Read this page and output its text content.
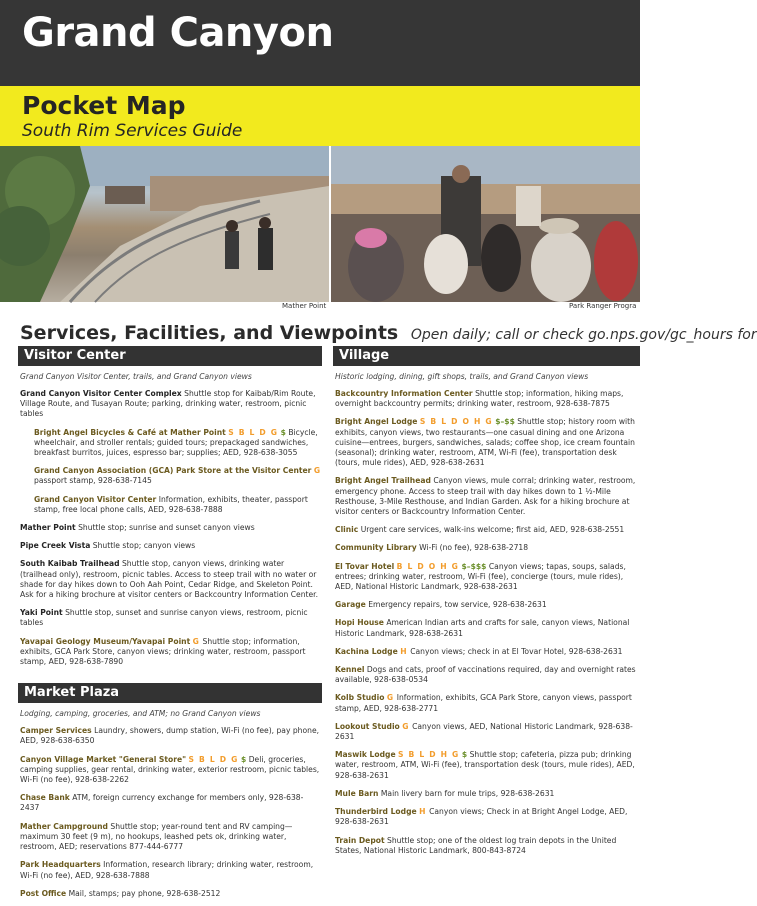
Grand Canyon
Pocket Map
South Rim Services Guide
Mather Point	Park Ranger Progra
Services, Facilities, and Viewpoints Open daily; call or check go.nps.gov/gc_hours for
Visitor Center
Grand Canyon Visitor Center, trails, and Grand Canyon views
Grand Canyon Visitor Center Complex Shuttle stop for Kaibab/Rim Route, Village Route, and Tusayan Route; parking, drinking water, restroom, picnic tables
Bright Angel Bicycles & Café at Mather Point S B L D G $ Bicycle, wheelchair, and stroller rentals; guided tours; prepackaged sandwiches, breakfast burritos, juices, espresso bar; supplies; AED, 928-638-3055
Grand Canyon Association (GCA) Park Store at the Visitor Center G
passport stamp, 928-638-7145
Grand Canyon Visitor Center Information, exhibits, theater, passport stamp, free local phone calls, AED, 928-638-7888
Mather Point Shuttle stop; sunrise and sunset canyon views
Pipe Creek Vista Shuttle stop; canyon views
South Kaibab Trailhead Shuttle stop, canyon views, drinking water (trailhead only), restroom, picnic tables. Access to steep trail with no water or shade for day hikes down to Ooh Aah Point, Cedar Ridge, and Skeleton Point. Ask for a hiking brochure at visitor centers or Backcountry Information Center.
Yaki Point Shuttle stop, sunset and sunrise canyon views, restroom, picnic tables
Yavapai Geology Museum/Yavapai Point G Shuttle stop; information, exhibits, GCA Park Store, canyon views; drinking water, restroom, passport stamp, AED, 928-638-7890
Market Plaza
Lodging, camping, groceries, and ATM; no Grand Canyon views
Camper Services Laundry, showers, dump station, Wi-Fi (no fee), pay phone, AED, 928-638-6350
Canyon Village Market "General Store" S B L D G $ Deli, groceries, camping supplies, gear rental, drinking water, exterior restroom, picnic tables, Wi-Fi (no fee), 928-638-2262
Chase Bank ATM, foreign currency exchange for members only, 928-638-2437
Mather Campground Shuttle stop; year-round tent and RV camping—maximum 30 feet (9 m), no hookups, leashed pets ok, drinking water, restroom, AED; reservations 877-444-6777
Park Headquarters Information, research library; drinking water, restroom, Wi-Fi (no fee), AED, 928-638-7888
Post Office Mail, stamps; pay phone, 928-638-2512
Village
Historic lodging, dining, gift shops, trails, and Grand Canyon views
Backcountry Information Center Shuttle stop; information, hiking maps, overnight backcountry permits; drinking water, restroom, 928-638-7875
Bright Angel Lodge S B L D O H G $–$$ Shuttle stop; history room with exhibits, canyon views, two restaurants—one casual dining and one Arizona cuisine—entrees, burgers, sandwiches, salads; coffee shop, ice cream fountain (seasonal); drinking water, restroom, ATM, Wi-Fi (fee), transportation desk (tours, mule rides), AED, 928-638-2631
Bright Angel Trailhead Canyon views, mule corral; drinking water, restroom, emergency phone. Access to steep trail with day hikes down to 1 ½-Mile Resthouse, 3-Mile Resthouse, and Indian Garden. Ask for a hiking brochure at visitor centers or Backcountry Information Center.
Clinic Urgent care services, walk-ins welcome; first aid, AED, 928-638-2551
Community Library Wi-Fi (no fee), 928-638-2718
El Tovar Hotel B L D O H G $–$$$ Canyon views; tapas, soups, salads, entrees; drinking water, restroom, Wi-Fi (fee), concierge (tours, mule rides), AED, National Historic Landmark, 928-638-2631
Garage Emergency repairs, tow service, 928-638-2631
Hopi House American Indian arts and crafts for sale, canyon views, National Historic Landmark, 928-638-2631
Kachina Lodge H Canyon views; check in at El Tovar Hotel, 928-638-2631
Kennel Dogs and cats, proof of vaccinations required, day and overnight rates available, 928-638-0534
Kolb Studio G Information, exhibits, GCA Park Store, canyon views, passport stamp, AED, 928-638-2771
Lookout Studio G Canyon views, AED, National Historic Landmark, 928-638-2631
Maswik Lodge S B L D H G $ Shuttle stop; cafeteria, pizza pub; drinking water, restroom, ATM, Wi-Fi (fee), transportation desk (tours, mule rides), AED, 928-638-2631
Mule Barn Main livery barn for mule trips, 928-638-2631
Thunderbird Lodge H Canyon views; Check in at Bright Angel Lodge, AED, 928-638-2631
Train Depot Shuttle stop; one of the oldest log train depots in the United States, National Historic Landmark, 800-843-8724
